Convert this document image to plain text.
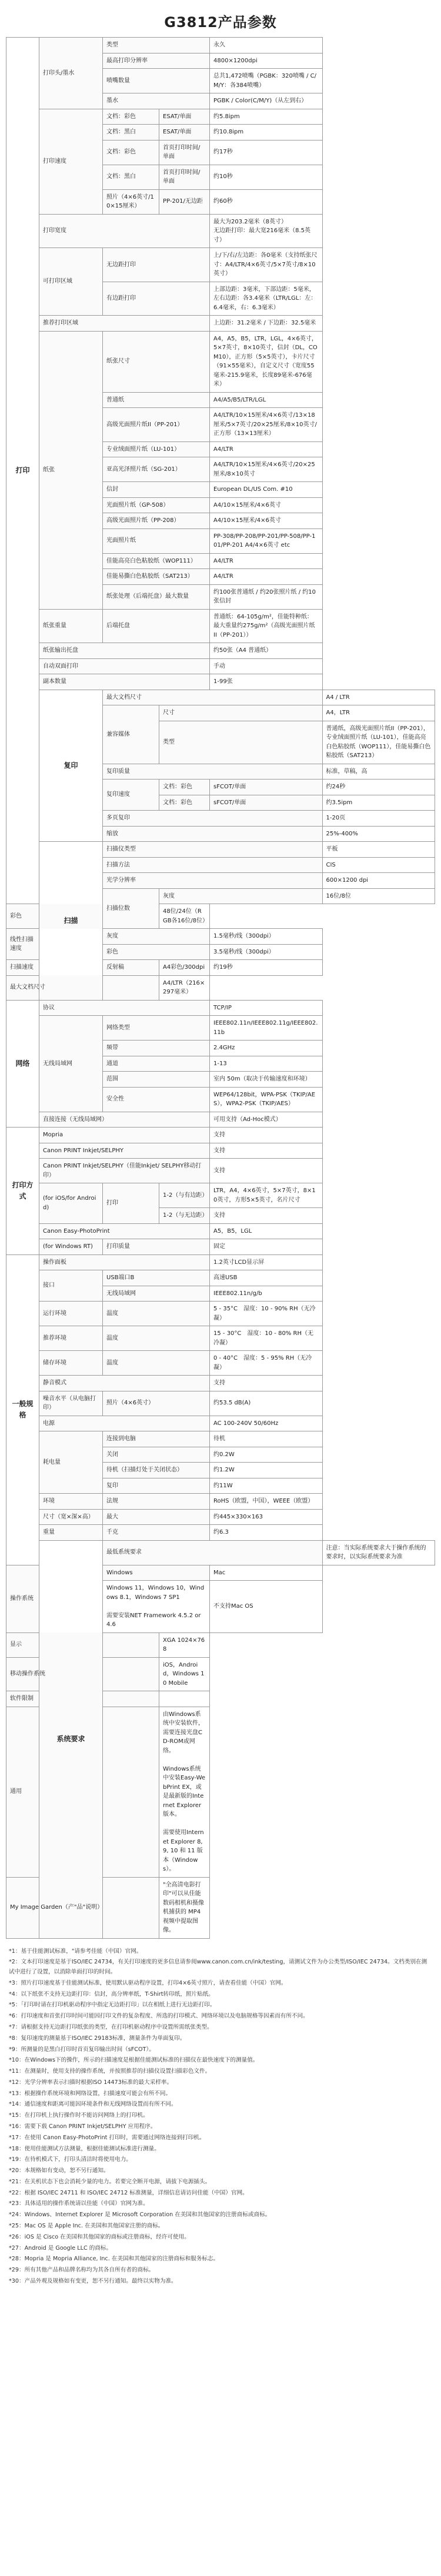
G3812产品参数
打印	打印头/墨水	类型		永久	
		最高打印分辨率		4800×1200dpi	
		喷嘴数量		总共1,472喷嘴（PGBK：320喷嘴 / C/M/Y：各384喷嘴）	
		墨水		PGBK / Color(C/M/Y)（从左到右）	
	打印速度	文档：彩色	ESAT/单面	约5.8ipm	
		文档：黑白	ESAT/单面	约10.8ipm	
		文档：彩色	首页打印时间/单面	约17秒	
		文档：黑白	首页打印时间/单面	约10秒	
		照片（4×6英寸/10×15厘米）	PP-201/无边距	约60秒	
	打印宽度			最大为203.2毫米（8英寸）
无边距打印：最大宽216毫米（8.5英寸）	
	可打印区域	无边距打印		上/下/右/左边距：各0毫米（支持纸张尺寸：A4/LTR/4×6英寸/5×7英寸/8×10英寸）	
		有边距打印		上部边距：3毫米，下部边距：5毫米，左右边距：各3.4毫米（LTR/LGL：左：6.4毫米，右：6.3毫米）	
	推荐打印区域			上边距：31.2毫米 / 下边距：32.5毫米	
	纸张	纸张尺寸		A4，A5，B5，LTR，LGL，4×6英寸，5×7英寸，8×10英寸，信封（DL，COM10），正方形（5×5英寸），卡片尺寸（91×55毫米），自定义尺寸（宽度55毫米-215.9毫米，长度89毫米-676毫米）	
		普通纸		A4/A5/B5/LTR/LGL	
		高级光面照片纸II（PP-201）		A4/LTR/10×15厘米/4×6英寸/13×18厘米/5×7英寸/20×25厘米/8×10英寸/正方形（13×13厘米）	
		专业绒面照片纸（LU-101）		A4/LTR	
		亚高光泽照片纸（SG-201）		A4/LTR/10×15厘米/4×6英寸/20×25厘米/8×10英寸	
		信封		European DL/US Com. #10	
		光面照片纸（GP-508）		A4/10×15厘米/4×6英寸	
		高级光面照片纸（PP-208）		A4/10×15厘米/4×6英寸	
		光面照片纸		PP-308/PP-208/PP-201/PP-508/PP-101/PP-201 A4/4×6英寸 etc	
		佳能高亮白色粘胶纸（WOP111）		A4/LTR	
		佳能易撕白色粘胶纸（SAT213）		A4/LTR	
		纸张处理（后端托盘）最大数量		约100张普通纸 / 约20张照片纸 / 约10张信封	
	纸张重量	后端托盘		普通纸：64-105g/m²，佳能特种纸：最大重量约275g/m²（高级光面照片纸 II（PP-201））	
	纸张输出托盘			约50张（A4 普通纸）	
	自动双面打印			手动	
	副本数量			1-99张	
	复印	最大文档尺寸			A4 / LTR
		兼容媒体	尺寸		A4，LTR
			类型		普通纸，高级光面照片纸II（PP-201），专业绒面照片纸（LU-101），佳能高亮白色粘胶纸（WOP111），佳能易撕白色粘胶纸（SAT213）
		复印质量			标准，草稿，高
		复印速度	文档：彩色	sFCOT/单面	约24秒
			文档：彩色	sFCOT/单面	约3.5ipm
		多页复印			1-20页
		缩放			25%-400%
	扫描	扫描仪类型			平板
		扫描方法			CIS
		光学分辨率			600×1200 dpi
		扫描位数	灰度		16位/8位
彩色			48位/24位（RGB各16位/8位）		
线性扫描速度		灰度		1.5毫秒/线（300dpi）	
		彩色		3.5毫秒/线（300dpi）	
扫描速度		反射稿	A4彩色/300dpi	约19秒	
最大文档尺寸			A4/LTR（216×297毫米）		
网络	协议			TCP/IP	
	无线局域网	网络类型		IEEE802.11n/IEEE802.11g/IEEE802.11b	
		频带		2.4GHz	
		通道		1-13	
		范围		室内 50m（取决于传输速度和环境）	
		安全性		WEP64/128bit，WPA-PSK（TKIP/AES），WPA2-PSK（TKIP/AES）	
	直接连接（无线局域网）			可用支持（Ad-Hoc模式）	
打印方式	Mopria			支持	
	Canon PRINT Inkjet/SELPHY			支持	
	Canon PRINT Inkjet/SELPHY（佳能Inkjet/ SELPHY移动打印）			支持	
	(for iOS/for Android)	打印	1-2（与有边距）	LTR，A4，4×6英寸，5×7英寸，8×10英寸，方形5×5英寸，名片尺寸	
			1-2（与无边距）	支持	
	Canon Easy-PhotoPrint			A5，B5，LGL	
	(for Windows RT)	打印质量		固定	
一般规格	操作面板			1.2英寸LCD显示屏	
	接口	USB端口B		高速USB	
		无线局域网		IEEE802.11n/g/b	
	运行环境	温度		5 - 35°C　湿度：10 - 90% RH（无冷凝）	
	推荐环境	温度		15 - 30°C　湿度：10 - 80% RH（无冷凝）	
	储存环境	温度		0 - 40°C　湿度：5 - 95% RH（无冷凝）	
	静音模式			支持	
	噪音水平（从电脑打印）	照片（4×6英寸）		约53.5 dB(A)	
	电源			AC 100-240V 50/60Hz	
	耗电量	连接到电脑		待机	
		关闭		约0.2W	
		待机（扫描灯处于关闭状态）		约1.2W	
		复印		约11W	
	环境	法规		RoHS（欧盟，中国），WEEE（欧盟）	
	尺寸（宽×深×高）	最大		约445×330×163	
	重量	千克		约6.3	
	系统要求	最低系统要求			注意：当实际系统要求大于操作系统的要求时，以实际系统要求为准
操作系统		Windows		Mac	
		Windows 11，Windows 10，Windows 8.1，Windows 7 SP1

需要安装NET Framework 4.5.2 or 4.6		不支持Mac OS	
显示			XGA 1024×768		
移动操作系统			iOS，Android，Windows 10 Mobile		
软件限制					
通用			由Windows系统中安装软件，需要连接光盘CD-ROM或网络。

Windows系统中安装Easy-WebPrint EX，或是最新版的Internet Explorer 版本。

需要使用Internet Explorer 8, 9, 10 和 11 版本（Windows）。		
My Image Garden（产"品"说明）			"全高清电影打印"可以从佳能数码相机和摄像机捕获的 MP4 视频中提取图像。		

*1：基于佳能测试标准，"请参考佳能（中国）官网。

*2：文本打印速度是基于ISO/IEC 24734，有关打印速度的更多信息请参阅www.canon.com.cn/ink/testing，请测试文件为办公类型/ISO/IEC 24734。文档类别在测试中进行了设置，以消除单面打印的时间。

*3：照片打印速度基于佳能测试标准，使用默认驱动程序设置，打印4×6英寸照片，请查看佳能（中国）官网。

*4：以下纸张不支持无边距打印：信封，高分辨率纸，T-Shirt转印纸，照片贴纸。

*5：「打印时请在打印机驱动程序中指定无边距打印」以在相纸上进行无边距打印。

*6：打印速度和首张打印时间可能因打印文件的复杂程度、所选的打印模式、网络环境以及电脑规格等因素而有所不同。

*7：请根据支持无边距打印纸张的类型，在打印机驱动程序中设置所需纸张类型。

*8：复印速度的测量基于ISO/IEC 29183标准，测量条件为单面复印。

*9：所测量的是黑白打印时首页复印输出时间（sFCOT）。

*10：在Windows下的操作，所示的扫描速度是根据佳能测试标准的扫描仪在最快速度下的测量值。

*11：在测量时，使用支持的操作系统，并按照推荐的扫描仪设置扫描彩色文件。

*12：光学分辨率表示扫描时根据ISO 14473标准的最大采样率。

*13：根据操作系统环境和网络设置，扫描速度可能会有所不同。

*14：通信速度和距离可能因环境条件和无线网络设置而有所不同。

*15：在打印机上执行操作时不能访问网络上的打印机。

*16：需要下载 Canon PRINT Inkjet/SELPHY 应用程序。

*17：在使用 Canon Easy-PhotoPrint 打印时，需要通过网络连接到打印机。

*18：使用佳能测试方法测量，根据佳能测试标准进行测量。

*19：在待机模式下，打印头清洁时将使用电力。

*20：本规格如有变动，恕不另行通知。

*21：在关机状态下也会消耗少量的电力。若要完全断开电源，请拔下电源插头。

*22：根据 ISO/IEC 24711 和 ISO/IEC 24712 标准测量，详细信息请访问佳能（中国）官网。

*23：具体适用的操作系统请以佳能（中国）官网为准。

*24：Windows、Internet Explorer 是 Microsoft Corporation 在美国和其他国家的注册商标或商标。

*25：Mac OS 是 Apple Inc. 在美国和其他国家注册的商标。

*26：iOS 是 Cisco 在美国和其他国家的商标或注册商标，经许可使用。

*27：Android 是 Google LLC 的商标。

*28：Mopria 是 Mopria Alliance, Inc. 在美国和其他国家的注册商标和服务标志。

*29：所有其他产品和品牌名称均为其各自所有者的商标。

*30：产品外观及规格如有变更，恕不另行通知。最终以实物为准。
